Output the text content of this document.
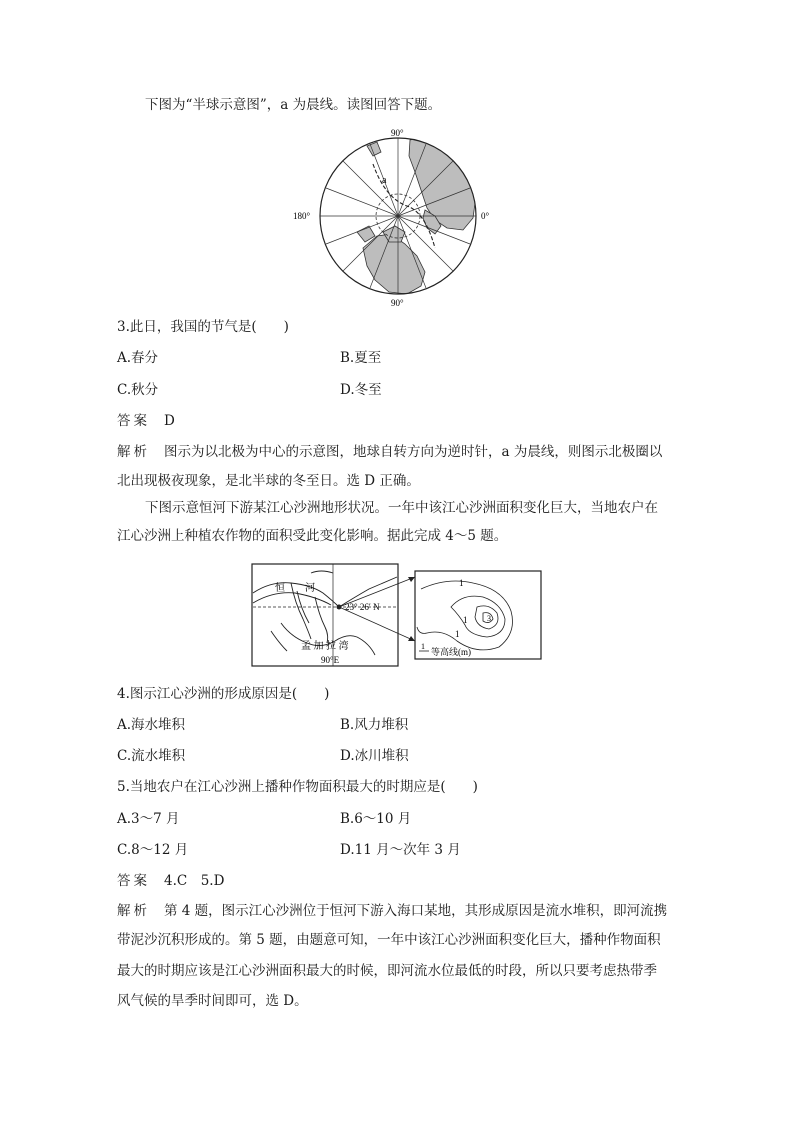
下图为“半球示意图”，a 为晨线。读图回答下题。
90°
90°
180°	0°
a
3.此日，我国的节气是(　　)
A.春分	B.夏至
C.秋分	D.冬至
答案 D
解析 图示为以北极为中心的示意图，地球自转方向为逆时针，a 为晨线，则图示北极圈以
北出现极夜现象，是北半球的冬至日。选 D 正确。
下图示意恒河下游某江心沙洲地形状况。一年中该江心沙洲面积变化巨大，当地农户在
江心沙洲上种植农作物的面积受此变化影响。据此完成 4～5 题。
恒　　河
23° 26′ N
孟 加 拉 湾
90°E
1
1
1
3
1
等高线(m)
4.图示江心沙洲的形成原因是(　　)
A.海水堆积	B.风力堆积
C.流水堆积	D.冰川堆积
5.当地农户在江心沙洲上播种作物面积最大的时期应是(　　)
A.3～7 月	B.6～10 月
C.8～12 月	D.11 月～次年 3 月
答案 4.C　5.D
解析 第 4 题，图示江心沙洲位于恒河下游入海口某地，其形成原因是流水堆积，即河流携
带泥沙沉积形成的。第 5 题，由题意可知，一年中该江心沙洲面积变化巨大，播种作物面积
最大的时期应该是江心沙洲面积最大的时候，即河流水位最低的时段，所以只要考虑热带季
风气候的旱季时间即可，选 D。
